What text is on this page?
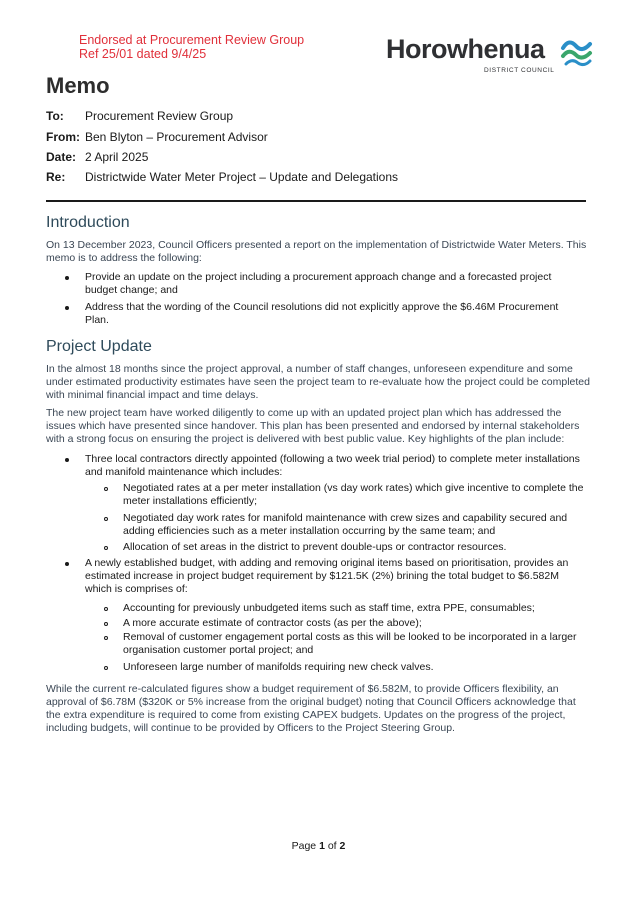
Endorsed at Procurement Review Group
Ref 25/01 dated 9/4/25	Horowhenua
DISTRICT COUNCIL
Memo
To: Procurement Review Group
From: Ben Blyton – Procurement Advisor
Date: 2 April 2025
Re: Districtwide Water Meter Project – Update and Delegations
Introduction
On 13 December 2023, Council Officers presented a report on the implementation of Districtwide Water Meters. This memo is to address the following:
Provide an update on the project including a procurement approach change and a forecasted project budget change; and
Address that the wording of the Council resolutions did not explicitly approve the $6.46M Procurement Plan.
Project Update
In the almost 18 months since the project approval, a number of staff changes, unforeseen expenditure and some under estimated productivity estimates have seen the project team to re-evaluate how the project could be completed with minimal financial impact and time delays.
The new project team have worked diligently to come up with an updated project plan which has addressed the issues which have presented since handover. This plan has been presented and endorsed by internal stakeholders with a strong focus on ensuring the project is delivered with best public value. Key highlights of the plan include:
Three local contractors directly appointed (following a two week trial period) to complete meter installations and manifold maintenance which includes:
Negotiated rates at a per meter installation (vs day work rates) which give incentive to complete the meter installations efficiently;
Negotiated day work rates for manifold maintenance with crew sizes and capability secured and adding efficiencies such as a meter installation occurring by the same team; and
Allocation of set areas in the district to prevent double-ups or contractor resources.
A newly established budget, with adding and removing original items based on prioritisation, provides an estimated increase in project budget requirement by $121.5K (2%) brining the total budget to $6.582M which is comprises of:
Accounting for previously unbudgeted items such as staff time, extra PPE, consumables;
A more accurate estimate of contractor costs (as per the above);
Removal of customer engagement portal costs as this will be looked to be incorporated in a larger organisation customer portal project; and
Unforeseen large number of manifolds requiring new check valves.
While the current re-calculated figures show a budget requirement of $6.582M, to provide Officers flexibility, an approval of $6.78M ($320K or 5% increase from the original budget) noting that Council Officers acknowledge that the extra expenditure is required to come from existing CAPEX budgets. Updates on the progress of the project, including budgets, will continue to be provided by Officers to the Project Steering Group.
Page 1 of 2
